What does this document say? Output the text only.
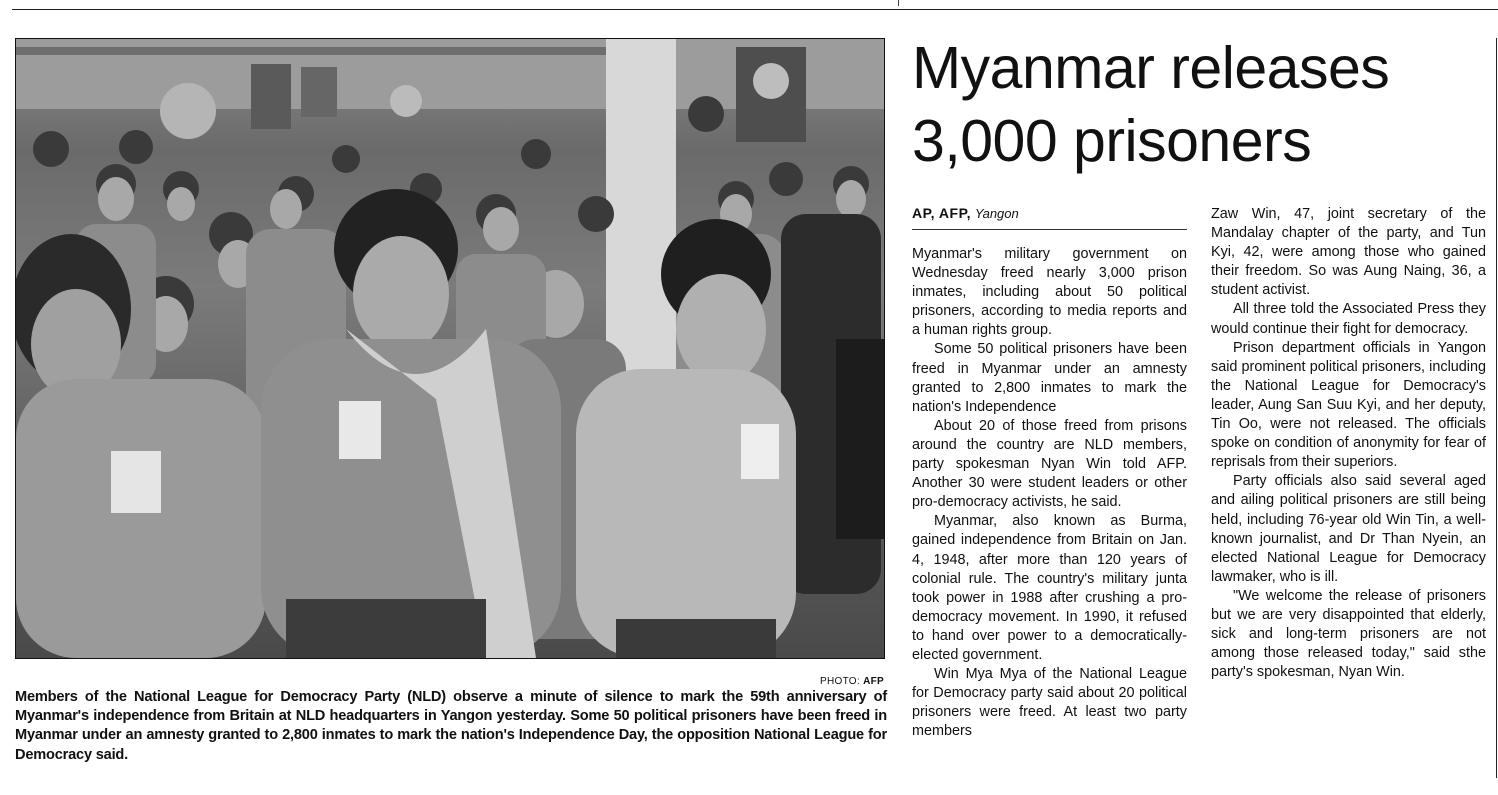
PHOTO: AFP
Members of the National League for Democracy Party (NLD) observe a minute of silence to mark the 59th anniversary of Myanmar's independence from Britain at NLD headquarters in Yangon yesterday. Some 50 political prisoners have been freed in Myanmar under an amnesty granted to 2,800 inmates to mark the nation's Independence Day, the opposition National League for Democracy said.
Myanmar releases 3,000 prisoners
AP, AFP, Yangon

Myanmar's military government on Wednesday freed nearly 3,000 prison inmates, including about 50 political prisoners, according to media reports and a human rights group.

Some 50 political prisoners have been freed in Myanmar under an amnesty granted to 2,800 inmates to mark the nation's Independence

About 20 of those freed from prisons around the country are NLD members, party spokesman Nyan Win told AFP. Another 30 were student leaders or other pro-democracy activists, he said.

Myanmar, also known as Burma, gained independence from Britain on Jan. 4, 1948, after more than 120 years of colonial rule. The country's military junta took power in 1988 after crushing a pro-democracy movement. In 1990, it refused to hand over power to a democratically-elected government.

Win Mya Mya of the National League for Democracy party said about 20 political prisoners were freed. At least two party members

Zaw Win, 47, joint secretary of the Mandalay chapter of the party, and Tun Kyi, 42, were among those who gained their freedom. So was Aung Naing, 36, a student activist.

All three told the Associated Press they would continue their fight for democracy.

Prison department officials in Yangon said prominent political prisoners, including the National League for Democracy's leader, Aung San Suu Kyi, and her deputy, Tin Oo, were not released. The officials spoke on condition of anonymity for fear of reprisals from their superiors.

Party officials also said several aged and ailing political prisoners are still being held, including 76-year old Win Tin, a well-known journalist, and Dr Than Nyein, an elected National League for Democracy lawmaker, who is ill.

"We welcome the release of prisoners but we are very disappointed that elderly, sick and long-term prisoners are not among those released today," said sthe party's spokesman, Nyan Win.
